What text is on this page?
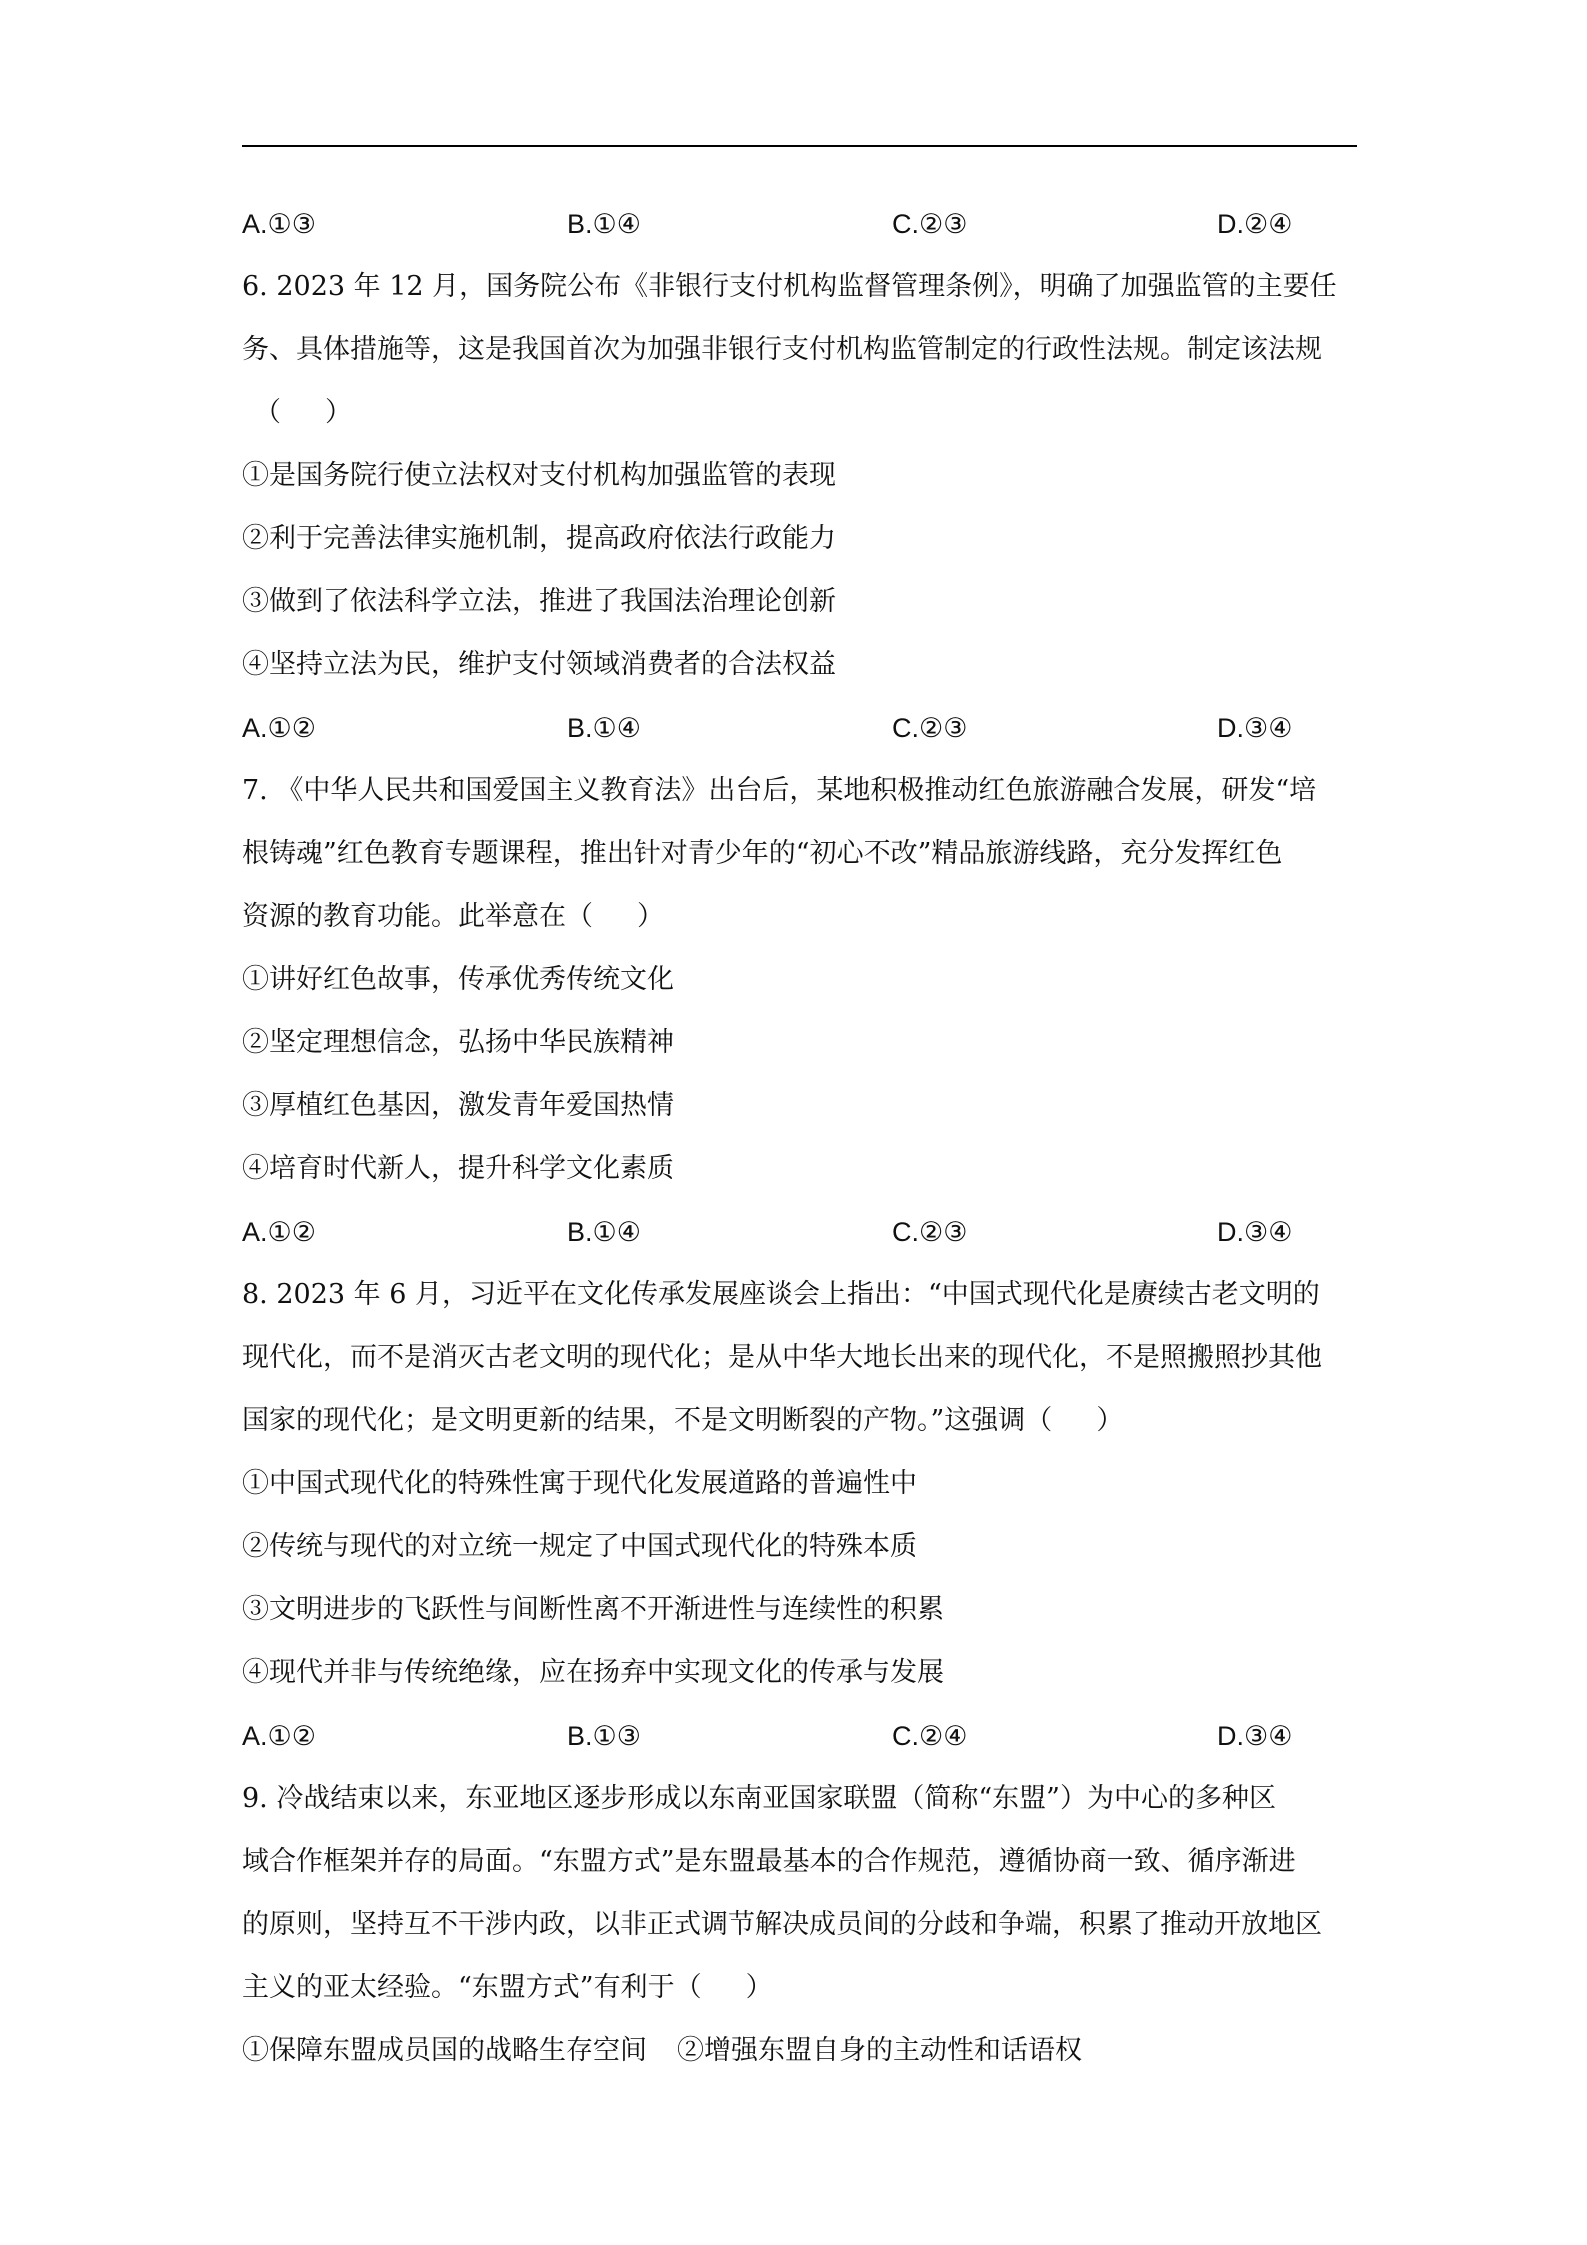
A.①③	B.①④	C.②③	D.②④
6. 2023 年 12 月，国务院公布《非银行支付机构监督管理条例》，明确了加强监管的主要任
务、具体措施等，这是我国首次为加强非银行支付机构监管制定的行政性法规。制定该法规
（ ）
①是国务院行使立法权对支付机构加强监管的表现
②利于完善法律实施机制，提高政府依法行政能力
③做到了依法科学立法，推进了我国法治理论创新
④坚持立法为民，维护支付领域消费者的合法权益
A.①②	B.①④	C.②③	D.③④
7. 《中华人民共和国爱国主义教育法》出台后，某地积极推动红色旅游融合发展，研发“培
根铸魂”红色教育专题课程，推出针对青少年的“初心不改”精品旅游线路，充分发挥红色
资源的教育功能。此举意在（ ）
①讲好红色故事，传承优秀传统文化
②坚定理想信念，弘扬中华民族精神
③厚植红色基因，激发青年爱国热情
④培育时代新人，提升科学文化素质
A.①②	B.①④	C.②③	D.③④
8. 2023 年 6 月，习近平在文化传承发展座谈会上指出：“中国式现代化是赓续古老文明的
现代化，而不是消灭古老文明的现代化；是从中华大地长出来的现代化，不是照搬照抄其他
国家的现代化；是文明更新的结果，不是文明断裂的产物。”这强调（ ）
①中国式现代化的特殊性寓于现代化发展道路的普遍性中
②传统与现代的对立统一规定了中国式现代化的特殊本质
③文明进步的飞跃性与间断性离不开渐进性与连续性的积累
④现代并非与传统绝缘，应在扬弃中实现文化的传承与发展
A.①②	B.①③	C.②④	D.③④
9. 冷战结束以来，东亚地区逐步形成以东南亚国家联盟（简称“东盟”）为中心的多种区
域合作框架并存的局面。“东盟方式”是东盟最基本的合作规范，遵循协商一致、循序渐进
的原则，坚持互不干涉内政，以非正式调节解决成员间的分歧和争端，积累了推动开放地区
主义的亚太经验。“东盟方式”有利于（ ）
①保障东盟成员国的战略生存空间 ②增强东盟自身的主动性和话语权
